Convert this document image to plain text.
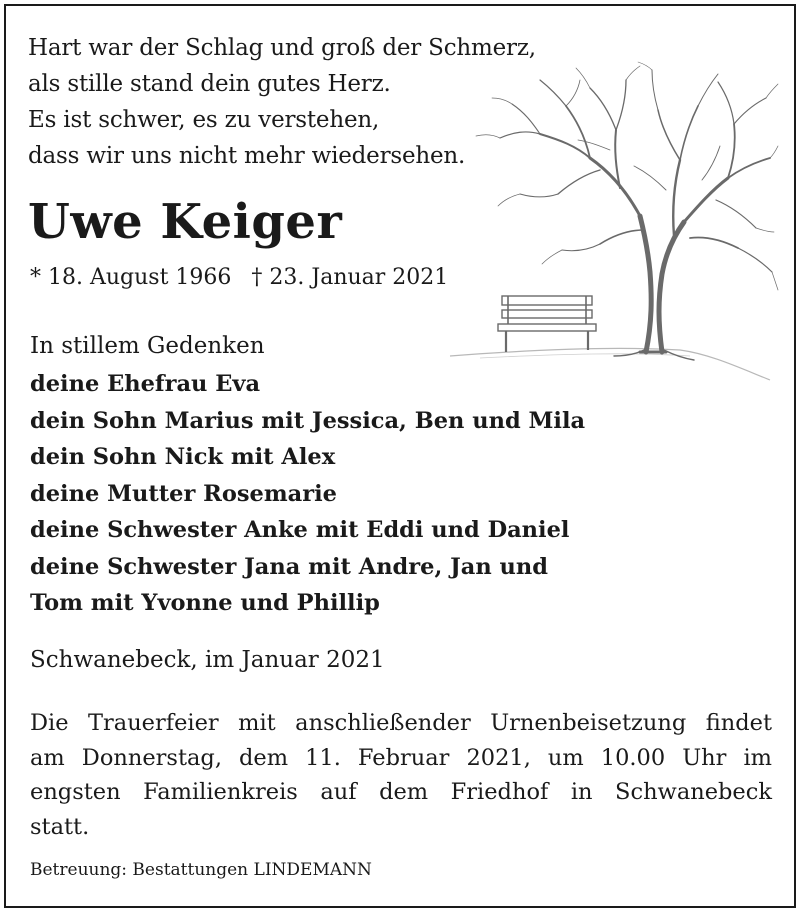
Hart war der Schlag und groß der Schmerz,
als stille stand dein gutes Herz.
Es ist schwer, es zu verstehen,
dass wir uns nicht mehr wiedersehen.
Uwe Keiger
* 18. August 1966 † 23. Januar 2021
In stillem Gedenken
deine Ehefrau Eva
dein Sohn Marius mit Jessica, Ben und Mila
dein Sohn Nick mit Alex
deine Mutter Rosemarie
deine Schwester Anke mit Eddi und Daniel
deine Schwester Jana mit Andre, Jan und
Tom mit Yvonne und Phillip
Schwanebeck, im Januar 2021
Die Trauerfeier mit anschließender Urnenbeisetzung findet
am Donnerstag, dem 11. Februar 2021, um 10.00 Uhr im
engsten Familienkreis auf dem Friedhof in Schwanebeck
statt.
Betreuung: Bestattungen LINDEMANN
